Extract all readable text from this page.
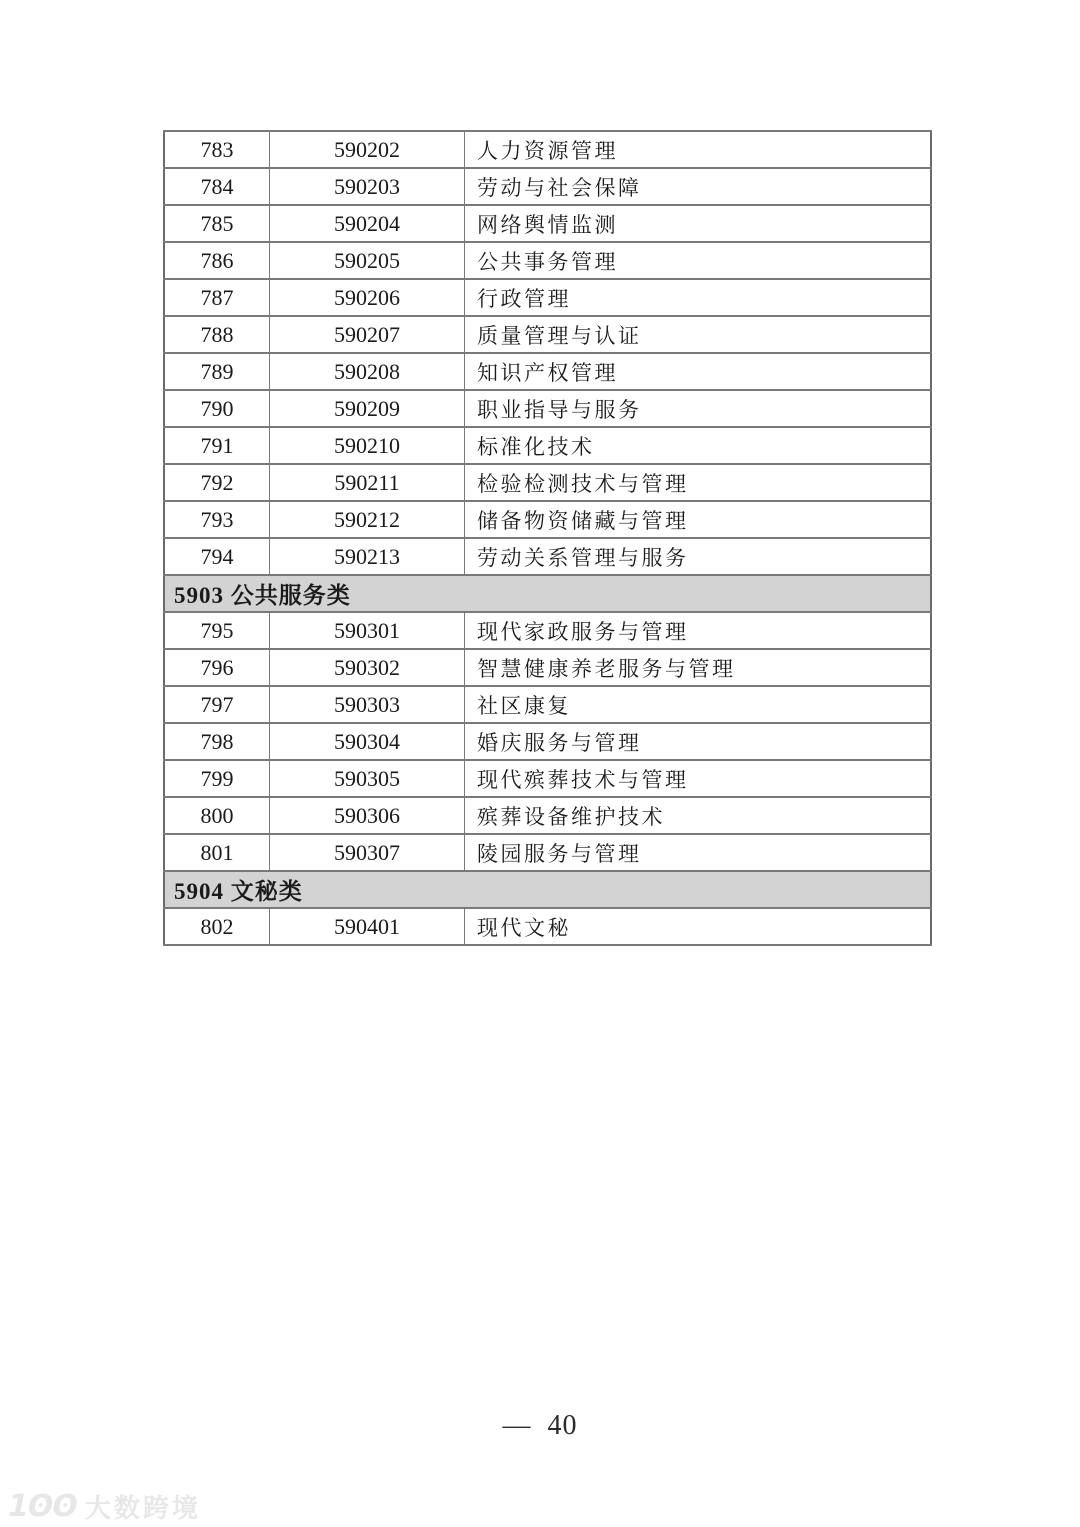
783	590202	人力资源管理
784	590203	劳动与社会保障
785	590204	网络舆情监测
786	590205	公共事务管理
787	590206	行政管理
788	590207	质量管理与认证
789	590208	知识产权管理
790	590209	职业指导与服务
791	590210	标准化技术
792	590211	检验检测技术与管理
793	590212	储备物资储藏与管理
794	590213	劳动关系管理与服务
5903 公共服务类		
795	590301	现代家政服务与管理
796	590302	智慧健康养老服务与管理
797	590303	社区康复
798	590304	婚庆服务与管理
799	590305	现代殡葬技术与管理
800	590306	殡葬设备维护技术
801	590307	陵园服务与管理
5904 文秘类		
802	590401	现代文秘
—  40
1ʘʘ 大数跨境
